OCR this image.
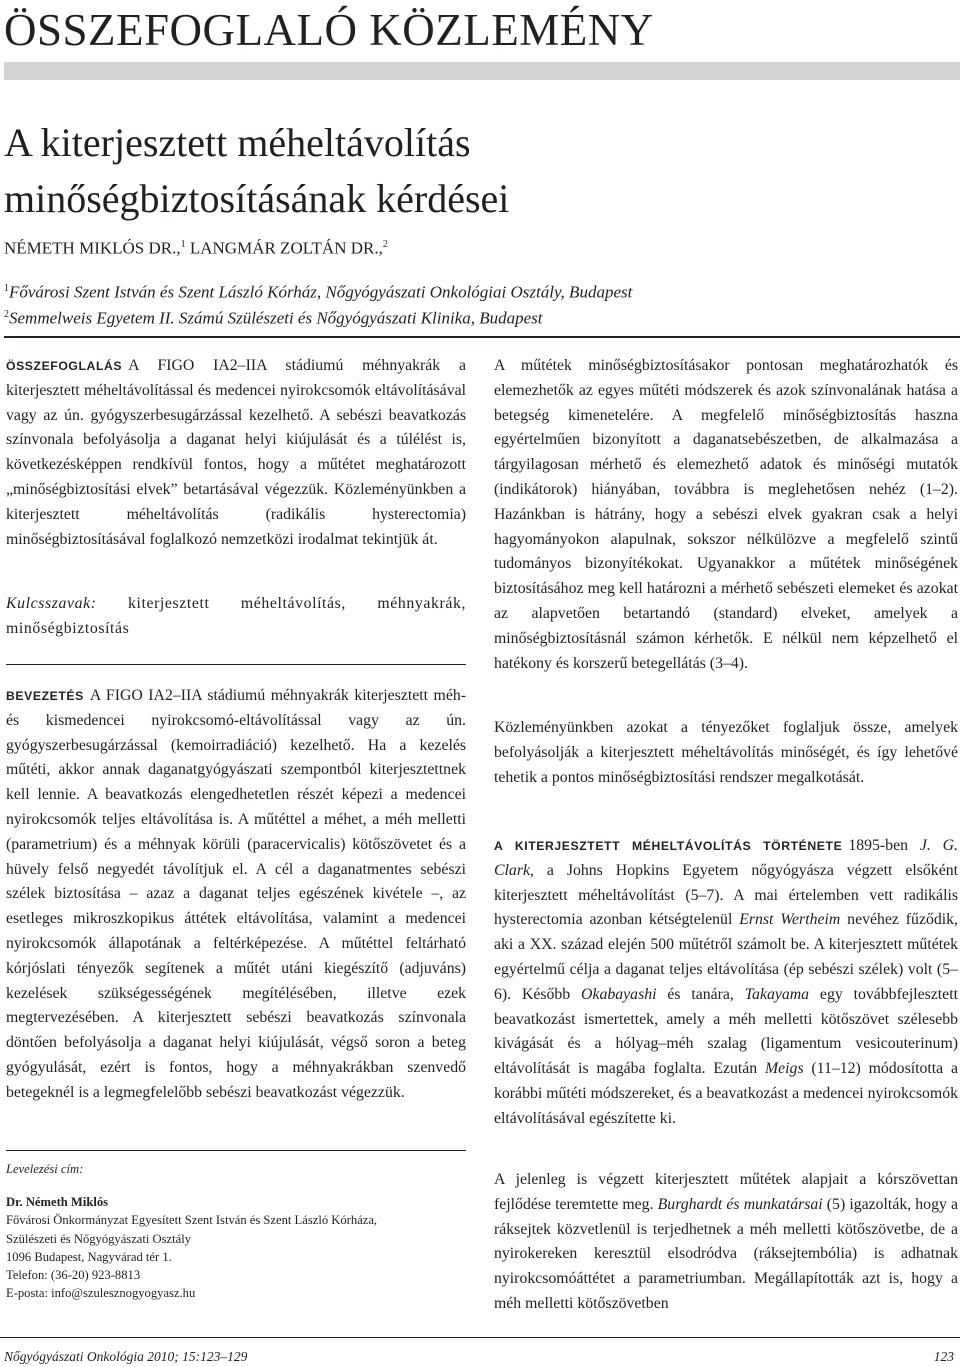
ÖSSZEFOGLALÓ KÖZLEMÉNY
A kiterjesztett méheltávolítás
minőségbiztosításának kérdései
NÉMETH MIKLÓS DR.,$^1$ LANGMÁR ZOLTÁN DR.,$^2$
$^1$Fővárosi Szent István és Szent László Kórház, Nőgyógyászati Onkológiai Osztály, Budapest
$^2$Semmelweis Egyetem II. Számú Szülészeti és Nőgyógyászati Klinika, Budapest

ÖSSZEFOGLALÁS A FIGO IA2–IIA stádiumú méhnyakrák a kiterjesztett méheltávolítással és medencei nyirokcsomók eltávolításával vagy az ún. gyógyszerbesugárzással kezelhető. A sebészi beavatkozás színvonala befolyásolja a daganat helyi kiújulását és a túlélést is, következésképpen rendkívül fontos, hogy a műtétet meghatározott „minőségbiztosítási elvek” betartásával végezzük. Közleményünkben a kiterjesztett méheltávolítás (radikális hysterectomia) minőségbiztosításával foglalkozó nemzetközi irodalmat tekintjük át.

Kulcsszavak: kiterjesztett méheltávolítás, méhnyakrák, minőségbiztosítás

BEVEZETÉS A FIGO IA2–IIA stádiumú méhnyakrák kiterjesztett méh- és kismedencei nyirokcsomó-eltávolítással vagy az ún. gyógyszerbesugárzással (kemoirradiáció) kezelhető. Ha a kezelés műtéti, akkor annak daganatgyógyászati szempontból kiterjesztettnek kell lennie. A beavatkozás elengedhetetlen részét képezi a medencei nyirokcsomók teljes eltávolítása is. A műtéttel a méhet, a méh melletti (parametrium) és a méhnyak körüli (paracervicalis) kötőszövetet és a hüvely felső negyedét távolítjuk el. A cél a daganatmentes sebészi szélek biztosítása – azaz a daganat teljes egészének kivétele –, az esetleges mikroszkopikus áttétek eltávolítása, valamint a medencei nyirokcsomók állapotának a feltérképezése. A műtéttel feltárható kórjóslati tényezők segítenek a műtét utáni kiegészítő (adjuváns) kezelések szükségességének megítélésében, illetve ezek megtervezésében. A kiterjesztett sebészi beavatkozás színvonala döntően befolyásolja a daganat helyi kiújulását, végső soron a beteg gyógyulását, ezért is fontos, hogy a méhnyakrákban szenvedő betegeknél is a legmegfelelőbb sebészi beavatkozást végezzük.

Levelezési cím:
Dr. Németh Miklós
Fővárosi Önkormányzat Egyesített Szent István és Szent László Kórháza,
Szülészeti és Nőgyógyászati Osztály
1096 Budapest, Nagyvárad tér 1.
Telefon: (36-20) 923-8813
E-posta: info@szulesznogyogyasz.hu

A műtétek minőségbiztosításakor pontosan meghatározhatók és elemezhetők az egyes műtéti módszerek és azok színvonalának hatása a betegség kimenetelére. A megfelelő minőségbiztosítás haszna egyértelműen bizonyított a daganatsebészetben, de alkalmazása a tárgyilagosan mérhető és elemezhető adatok és minőségi mutatók (indikátorok) hiányában, továbbra is meglehetősen nehéz (1–2). Hazánkban is hátrány, hogy a sebészi elvek gyakran csak a helyi hagyományokon alapulnak, sokszor nélkülözve a megfelelő szintű tudományos bizonyítékokat. Ugyanakkor a műtétek minőségének biztosításához meg kell határozni a mérhető sebészeti elemeket és azokat az alapvetően betartandó (standard) elveket, amelyek a minőségbiztosításnál számon kérhetők. E nélkül nem képzelhető el hatékony és korszerű betegellátás (3–4).

Közleményünkben azokat a tényezőket foglaljuk össze, amelyek befolyásolják a kiterjesztett méheltávolítás minőségét, és így lehetővé tehetik a pontos minőségbiztosítási rendszer megalkotását.

A KITERJESZTETT MÉHELTÁVOLÍTÁS TÖRTÉNETE 1895-ben J. G. Clark, a Johns Hopkins Egyetem nőgyógyásza végzett elsőként kiterjesztett méheltávolítást (5–7). A mai értelemben vett radikális hysterectomia azonban kétségtelenül Ernst Wertheim nevéhez fűződik, aki a XX. század elején 500 műtétről számolt be. A kiterjesztett műtétek egyértelmű célja a daganat teljes eltávolítása (ép sebészi szélek) volt (5–6). Később Okabayashi és tanára, Takayama egy továbbfejlesztett beavatkozást ismertettek, amely a méh melletti kötőszövet szélesebb kivágását és a hólyag–méh szalag (ligamentum vesicouterinum) eltávolítását is magába foglalta. Ezután Meigs (11–12) módosította a korábbi műtéti módszereket, és a beavatkozást a medencei nyirokcsomók eltávolításával egészítette ki.

A jelenleg is végzett kiterjesztett műtétek alapjait a kórszövettan fejlődése teremtette meg. Burghardt és munkatársai (5) igazolták, hogy a ráksejtek közvetlenül is terjedhetnek a méh melletti kötőszövetbe, de a nyirokereken keresztül elsodródva (ráksejtembólia) is adhatnak nyirokcsomóáttétet a parametriumban. Megállapították azt is, hogy a méh melletti kötőszövetben

Nőgyógyászati Onkológia 2010; 15:123–129	123
